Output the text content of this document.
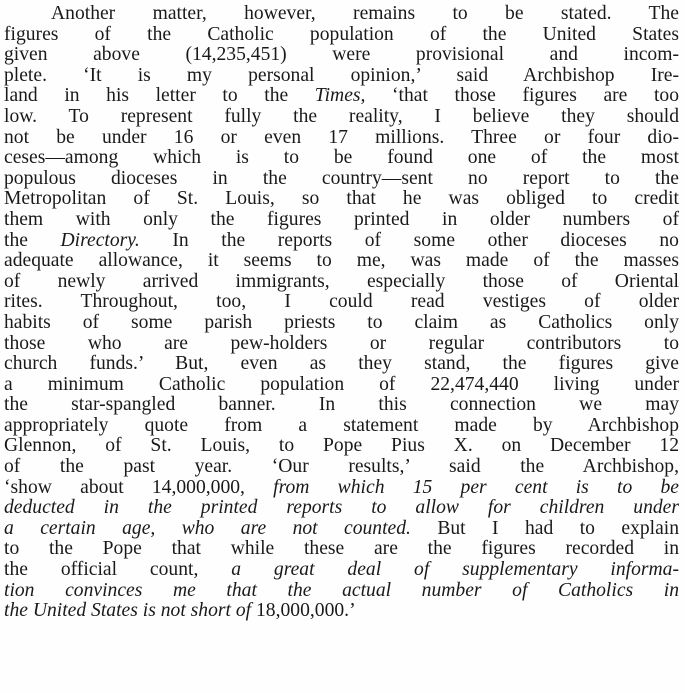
Another matter, however, remains to be stated. The
figures of the Catholic population of the United States
given above (14,235,451) were provisional and incom-
plete. ‘It is my personal opinion,’ said Archbishop Ire-
land in his letter to the Times, ‘that those figures are too
low. To represent fully the reality, I believe they should
not be under 16 or even 17 millions. Three or four dio-
ceses—among which is to be found one of the most
populous dioceses in the country—sent no report to the
Metropolitan of St. Louis, so that he was obliged to credit
them with only the figures printed in older numbers of
the Directory. In the reports of some other dioceses no
adequate allowance, it seems to me, was made of the masses
of newly arrived immigrants, especially those of Oriental
rites. Throughout, too, I could read vestiges of older
habits of some parish priests to claim as Catholics only
those who are pew-holders or regular contributors to
church funds.’ But, even as they stand, the figures give
a minimum Catholic population of 22,474,440 living under
the star-spangled banner. In this connection we may
appropriately quote from a statement made by Archbishop
Glennon, of St. Louis, to Pope Pius X. on December 12
of the past year. ‘Our results,’ said the Archbishop,
‘show about 14,000,000, from which 15 per cent is to be
deducted in the printed reports to allow for children under
a certain age, who are not counted. But I had to explain
to the Pope that while these are the figures recorded in
the official count, a great deal of supplementary informa-
tion convinces me that the actual number of Catholics in
the United States is not short of 18,000,000.’
